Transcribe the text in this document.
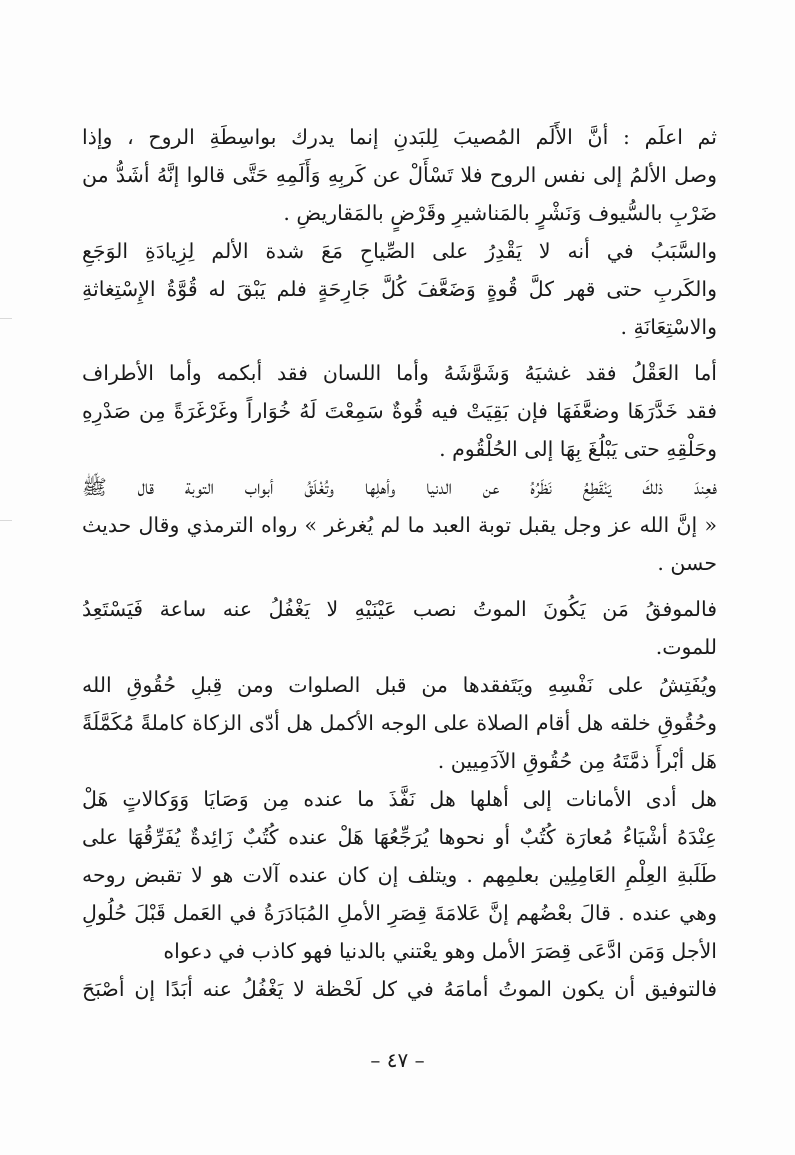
ثم اعلَم : أنَّ الأَلَم المُصيبَ لِلبَدنِ إنما يدرك بواسِطَةِ الروح ، وإذا
وصل الألمُ إلى نفس الروح فلا تَسْأَلْ عن كَربِهِ وَأَلَمِهِ حَتَّى قالوا إنَّهُ أشَدُّ من
ضَرْبِ بالسُّيوف وَنَشْرٍ بالمَناشيرِ وقَرْضٍ بالمَقاريضِ .
والسَّبَبُ في أنه لا يَقْدِرُ على الصِّياحِ مَعَ شدة الألم لِزِيادَةِ الوَجَعِ
والكَربِ حتى قهر كلَّ قُوةٍ وَضَعَّفَ كُلَّ جَارِحَةٍ فلم يَبْقَ له قُوَّةُ الإِسْتِغاثةِ
والاسْتِعَانَةِ .
أما العَقْلُ فقد غشيَهُ وَشَوَّشَهُ وأما اللسان فقد أبكمه وأما الأطراف
فقد خَدَّرَهَا وضعَّفَهَا فإن بَقِيَتْ فيه قُوةٌ سَمِعْتَ لَهُ خُوَاراً وغَرْغَرَةً مِن صَدْرِهِ
وحَلْقِهِ حتى يَبْلُغَ بِهَا إلى الحُلْقُوم .
فعِندَ ذلكَ يَنْقَطِعُ نَظَرُهُ عن الدنيا وأهلِها وتُغْلَقُ أبواب التوبة قال ﷺ
« إنَّ الله عز وجل يقبل توبة العبد ما لم يُغرغر » رواه الترمذي وقال حديث
حسن .
فالموفقُ مَن يَكُونَ الموتُ نصب عَيْنَيْهِ لا يَغْفُلُ عنه ساعة فَيَسْتَعِدُ
للموت.
ويُفَتِشُ على نَفْسِهِ ويَتَفقدها من قبل الصلوات ومن قِبلِ حُقُوقِ الله
وحُقُوقِ خلقه هل أقام الصلاة على الوجه الأكمل هل أدّى الزكاة كاملةً مُكَمَّلَةً
هَل أبْرأَ ذمَّتَهُ مِن حُقُوقِ الآدَمِيين .
هل أدى الأمانات إلى أهلها هل نَفَّذَ ما عنده مِن وَصَايَا وَوَكالاتٍ هَلْ
عِنْدَهُ أشْيَاءُ مُعارَة كُتُبٌ أو نحوها يُرَجِّعُهَا هَلْ عنده كُتُبٌ زَائِدةٌ يُفَرِّقُهَا على
طَلَبةِ العِلْمِ العَامِلِين بعلمِهم . ويتلف إن كان عنده آلات هو لا تقبض روحه
وهي عنده . قالَ بعْضُهم إنَّ عَلامَةَ قِصَرِ الأملِ المُبَادَرَةُ في العَمل قَبْلَ حُلُولِ
الأجل وَمَن ادَّعَى قِصَرَ الأمل وهو يعْتني بالدنيا فهو كاذب في دعواه
فالتوفيق أن يكون الموتُ أمامَهُ في كل لَحْظة لا يَغْفُلُ عنه أبَدًا إن أصْبَحَ
– ٤٧ –
